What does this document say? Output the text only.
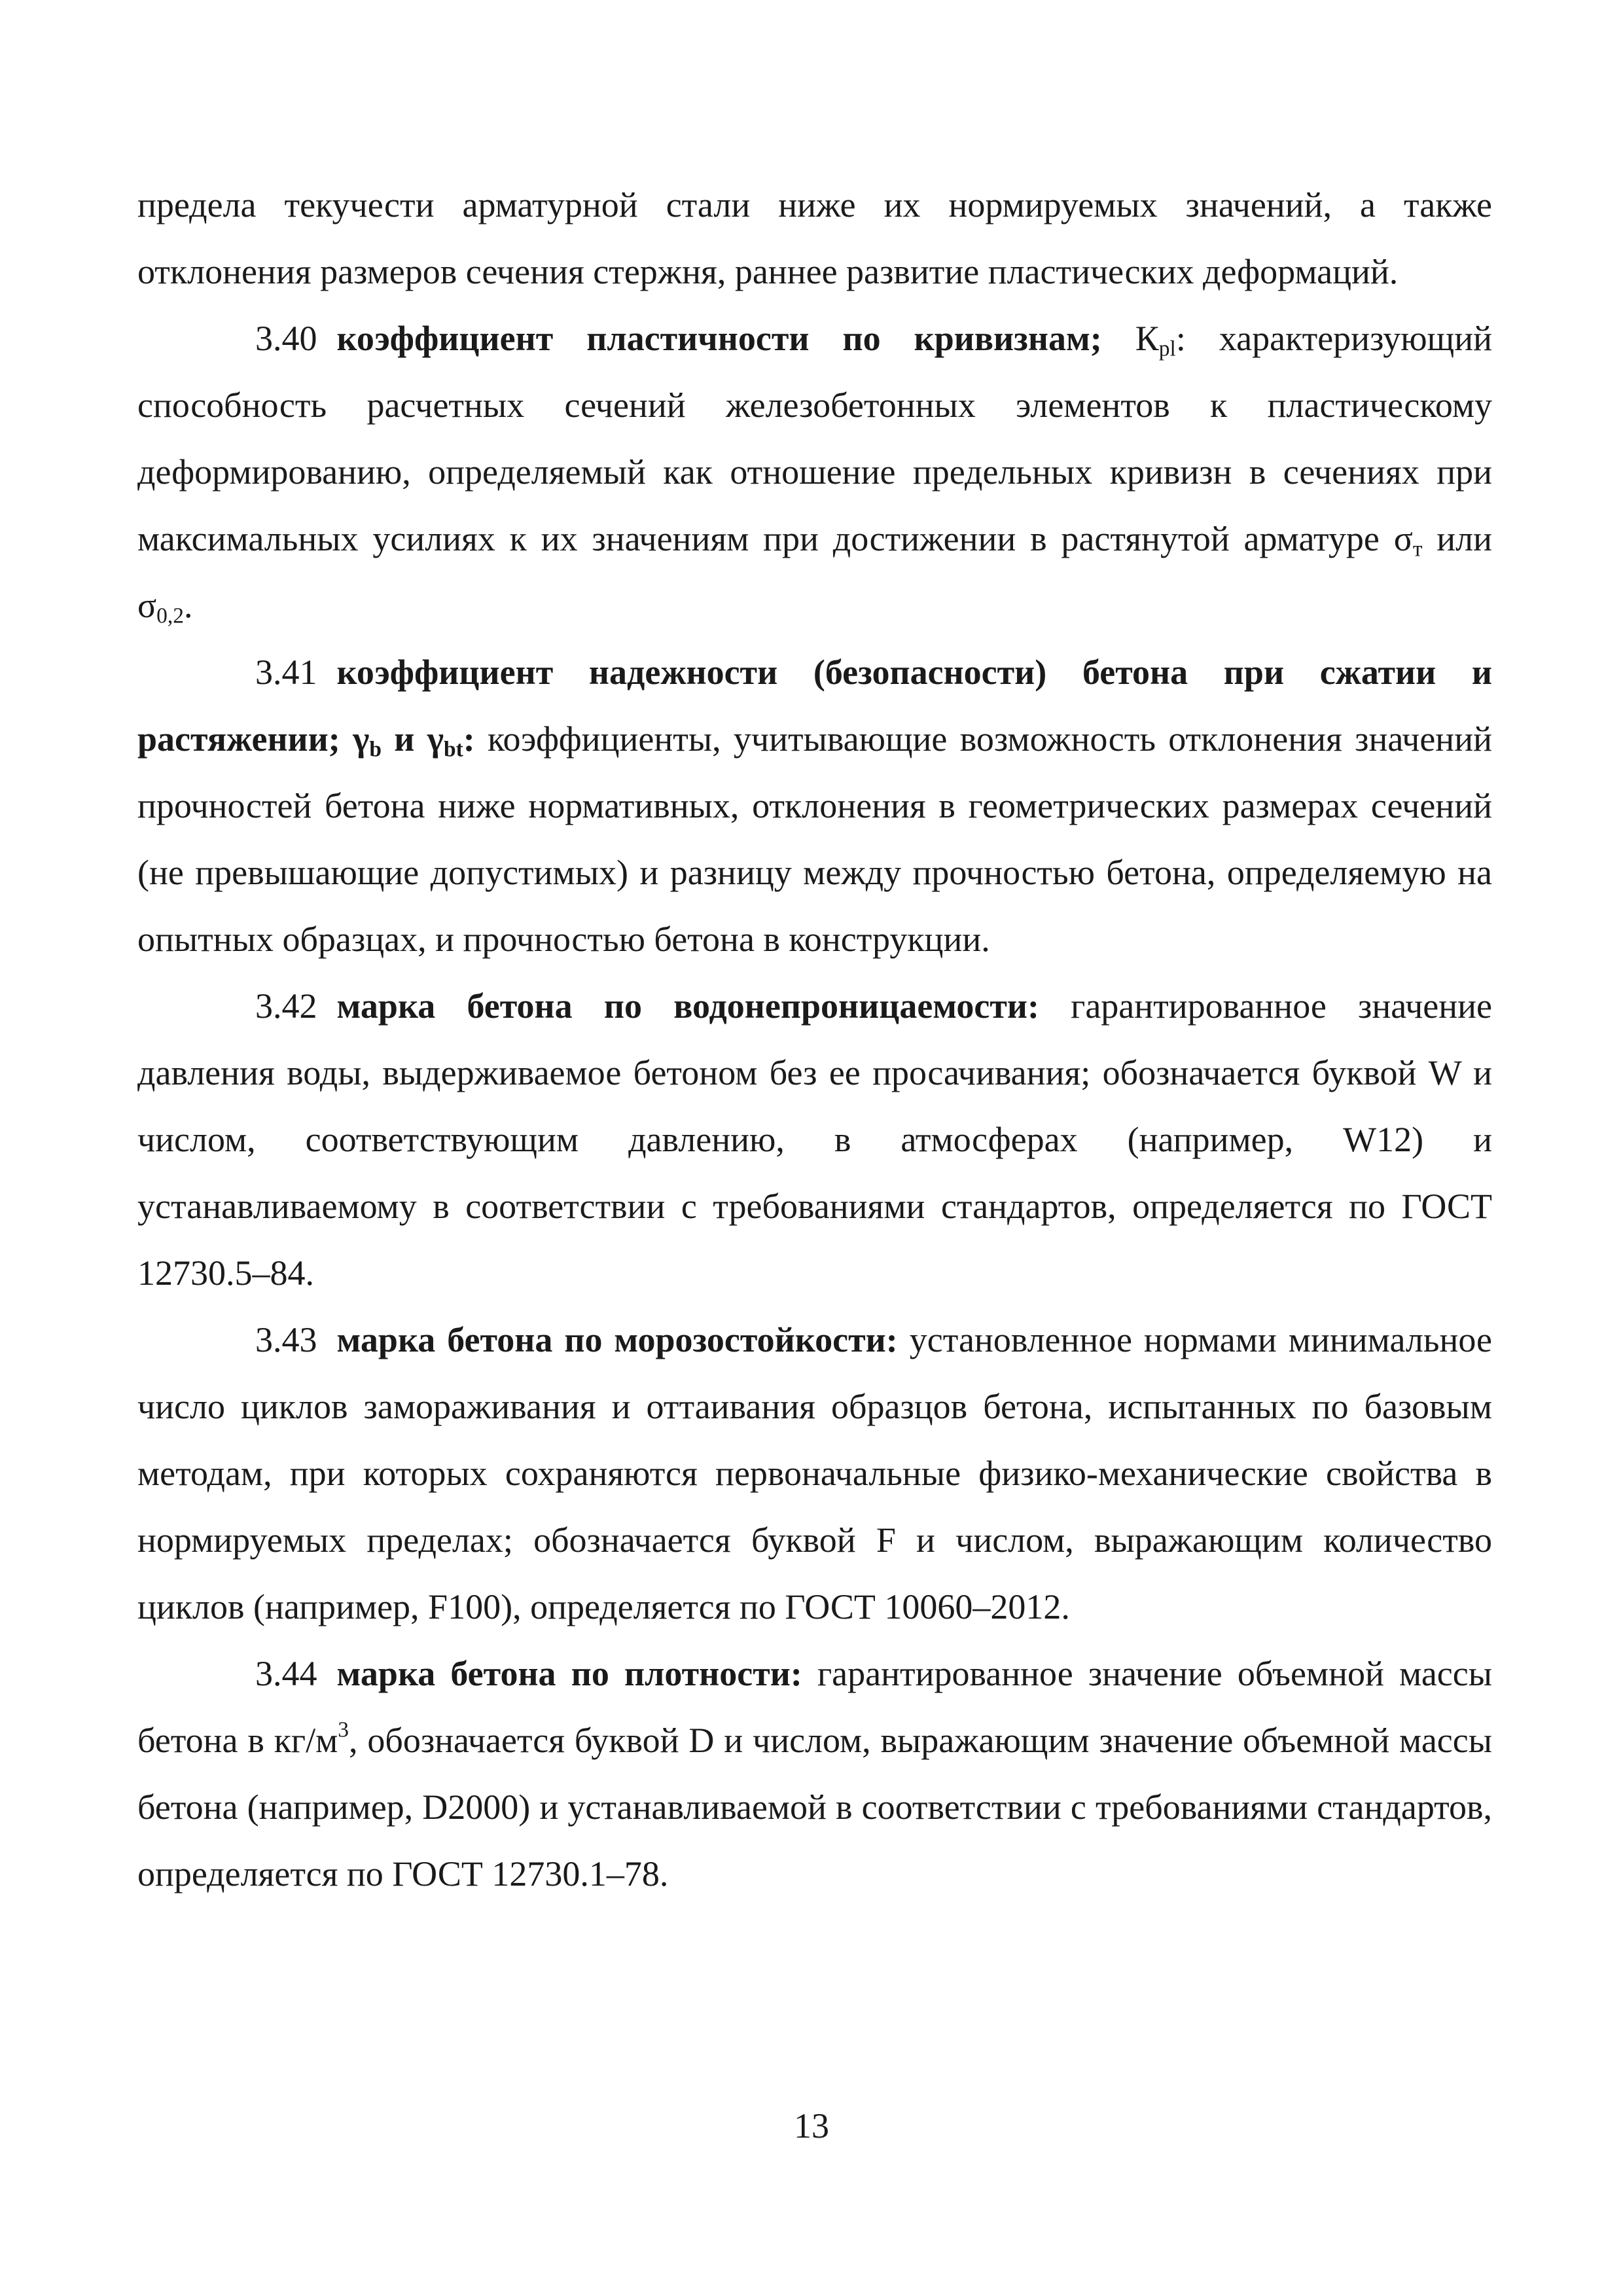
предела текучести арматурной стали ниже их нормируемых значений, а также отклонения размеров сечения стержня, раннее развитие пластических деформаций.

3.40 коэффициент пластичности по кривизнам; $К_{pl}$: характеризующий способность расчетных сечений железобетонных элементов к пластическому деформированию, определяемый как отношение предельных кривизн в сечениях при максимальных усилиях к их значениям при достижении в растянутой арматуре $\sigma_т$ или $\sigma_{0,2}$.

3.41 коэффициент надежности (безопасности) бетона при сжатии и растяжении; $\gamma_b$ и $\gamma_{bt}$: коэффициенты, учитывающие возможность отклонения значений прочностей бетона ниже нормативных, отклонения в геометрических размерах сечений (не превышающие допустимых) и разницу между прочностью бетона, определяемую на опытных образцах, и прочностью бетона в конструкции.

3.42 марка бетона по водонепроницаемости: гарантированное значение давления воды, выдерживаемое бетоном без ее просачивания; обозначается буквой W и числом, соответствующим давлению, в атмосферах (например, W12) и устанавливаемому в соответствии с требованиями стандартов, определяется по ГОСТ 12730.5–84.

3.43 марка бетона по морозостойкости: установленное нормами минимальное число циклов замораживания и оттаивания образцов бетона, испытанных по базовым методам, при которых сохраняются первоначальные физико-механические свойства в нормируемых пределах; обозначается буквой F и числом, выражающим количество циклов (например, F100), определяется по ГОСТ 10060–2012.

3.44 марка бетона по плотности: гарантированное значение объемной массы бетона в $кг/м^3$, обозначается буквой D и числом, выражающим значение объемной массы бетона (например, D2000) и устанавливаемой в соответствии с требованиями стандартов, определяется по ГОСТ 12730.1–78.

13
